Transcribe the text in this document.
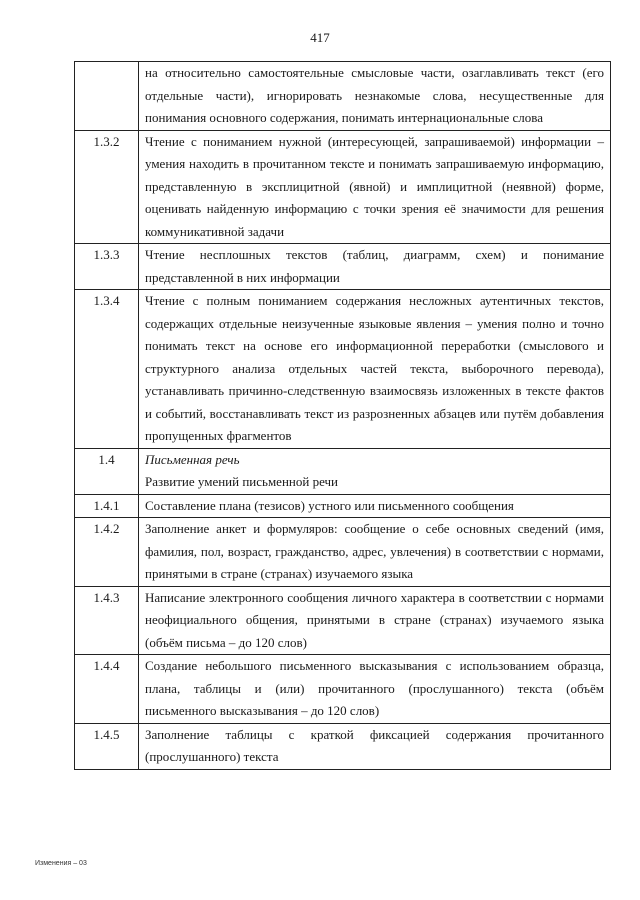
417
	на относительно самостоятельные смысловые части, озаглавливать текст (его отдельные части), игнорировать незнакомые слова, несущественные для понимания основного содержания, понимать интернациональные слова
1.3.2	Чтение с пониманием нужной (интересующей, запрашиваемой) информации – умения находить в прочитанном тексте и понимать запрашиваемую информацию, представленную в эксплицитной (явной) и имплицитной (неявной) форме, оценивать найденную информацию с точки зрения её значимости для решения коммуникативной задачи
1.3.3	Чтение несплошных текстов (таблиц, диаграмм, схем) и понимание представленной в них информации
1.3.4	Чтение с полным пониманием содержания несложных аутентичных текстов, содержащих отдельные неизученные языковые явления – умения полно и точно понимать текст на основе его информационной переработки (смыслового и структурного анализа отдельных частей текста, выборочного перевода), устанавливать причинно-следственную взаимосвязь изложенных в тексте фактов и событий, восстанавливать текст из разрозненных абзацев или путём добавления пропущенных фрагментов
1.4	Письменная речь
Развитие умений письменной речи

1.4.1	Составление плана (тезисов) устного или письменного сообщения
1.4.2	Заполнение анкет и формуляров: сообщение о себе основных сведений (имя, фамилия, пол, возраст, гражданство, адрес, увлечения) в соответствии с нормами, принятыми в стране (странах) изучаемого языка
1.4.3	Написание электронного сообщения личного характера в соответствии с нормами неофициального общения, принятыми в стране (странах) изучаемого языка (объём письма – до 120 слов)
1.4.4	Создание небольшого письменного высказывания с использованием образца, плана, таблицы и (или) прочитанного (прослушанного) текста (объём письменного высказывания – до 120 слов)
1.4.5	Заполнение таблицы с краткой фиксацией содержания прочитанного (прослушанного) текста
Изменения – 03
